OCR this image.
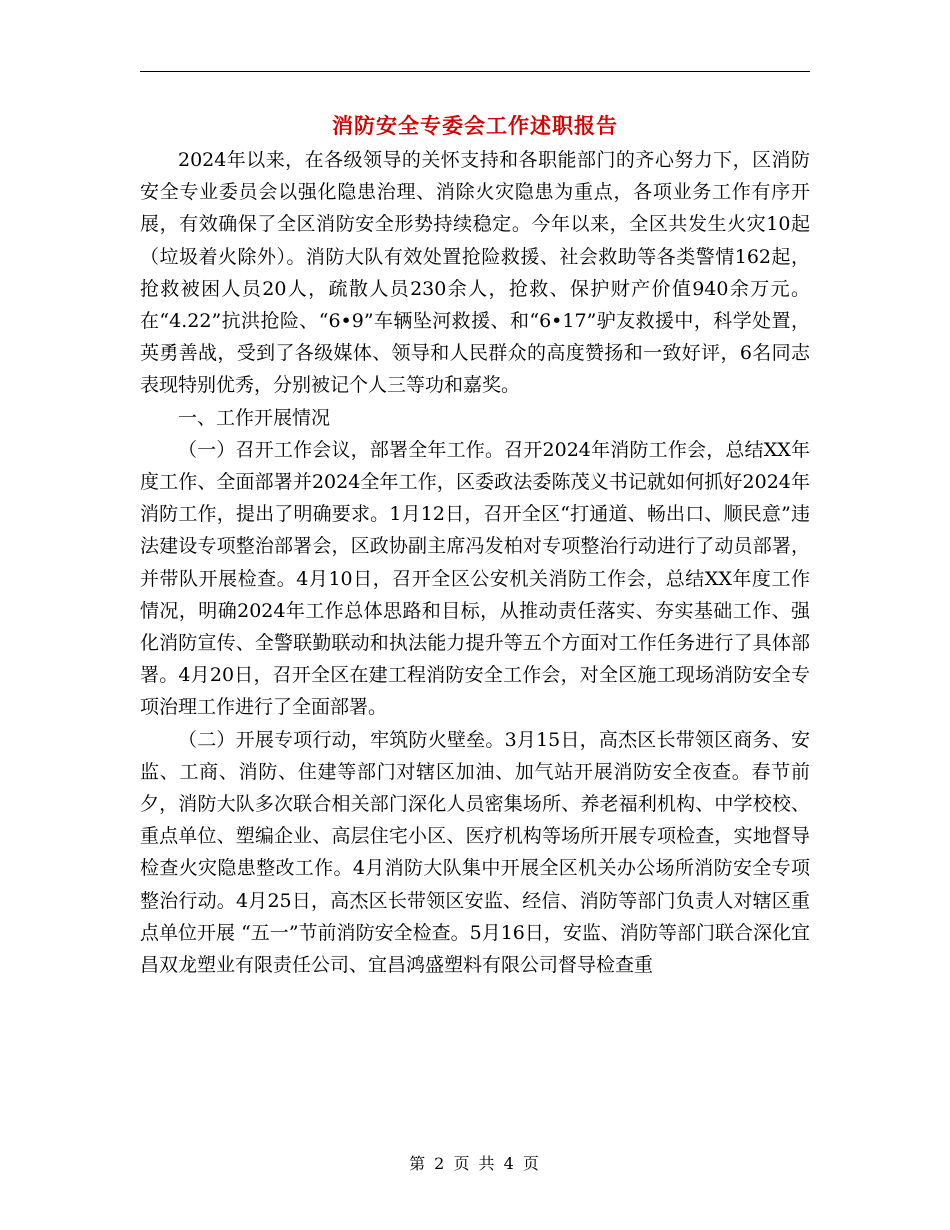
消防安全专委会工作述职报告

2024年以来，在各级领导的关怀支持和各职能部门的齐心努力下，区消防安全专业委员会以强化隐患治理、消除火灾隐患为重点，各项业务工作有序开展，有效确保了全区消防安全形势持续稳定。今年以来，全区共发生火灾10起（垃圾着火除外）。消防大队有效处置抢险救援、社会救助等各类警情162起，抢救被困人员20人，疏散人员230余人，抢救、保护财产价值940余万元。在“4.22”抗洪抢险、“6•9”车辆坠河救援、和“6•17”驴友救援中，科学处置，英勇善战，受到了各级媒体、领导和人民群众的高度赞扬和一致好评，6名同志表现特别优秀，分别被记个人三等功和嘉奖。

一、工作开展情况

（一）召开工作会议，部署全年工作。召开2024年消防工作会，总结XX年度工作、全面部署并2024全年工作，区委政法委陈茂义书记就如何抓好2024年消防工作，提出了明确要求。1月12日，召开全区“打通道、畅出口、顺民意”违法建设专项整治部署会，区政协副主席冯发柏对专项整治行动进行了动员部署，并带队开展检查。4月10日，召开全区公安机关消防工作会，总结XX年度工作情况，明确2024年工作总体思路和目标，从推动责任落实、夯实基础工作、强化消防宣传、全警联勤联动和执法能力提升等五个方面对工作任务进行了具体部署。4月20日，召开全区在建工程消防安全工作会，对全区施工现场消防安全专项治理工作进行了全面部署。

（二）开展专项行动，牢筑防火壁垒。3月15日，高杰区长带领区商务、安监、工商、消防、住建等部门对辖区加油、加气站开展消防安全夜查。春节前夕，消防大队多次联合相关部门深化人员密集场所、养老福利机构、中学校校、重点单位、塑编企业、高层住宅小区、医疗机构等场所开展专项检查，实地督导检查火灾隐患整改工作。4月消防大队集中开展全区机关办公场所消防安全专项整治行动。4月25日，高杰区长带领区安监、经信、消防等部门负责人对辖区重点单位开展 “五一”节前消防安全检查。5月16日，安监、消防等部门联合深化宜昌双龙塑业有限责任公司、宜昌鸿盛塑料有限公司督导检查重

第 2 页 共 4 页
